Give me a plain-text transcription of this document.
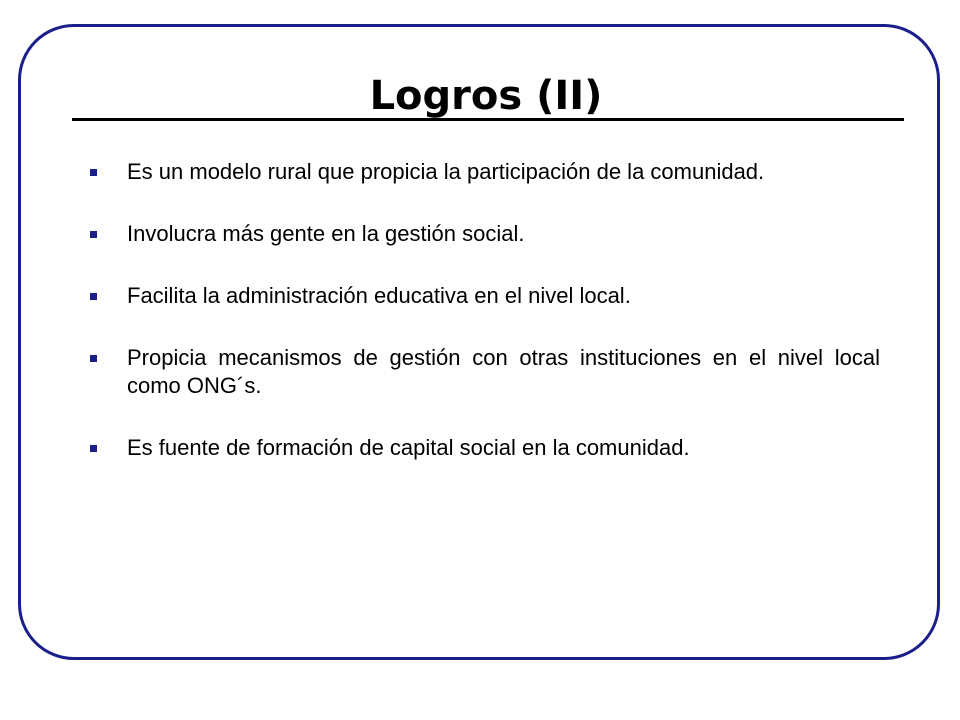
Logros (II)
Es un modelo rural que propicia la participación de la comunidad.
Involucra más gente en la gestión social.
Facilita la administración educativa en el nivel local.
Propicia mecanismos de gestión con otras instituciones en el nivel local como ONG´s.
Es fuente de formación de capital social en la comunidad.
